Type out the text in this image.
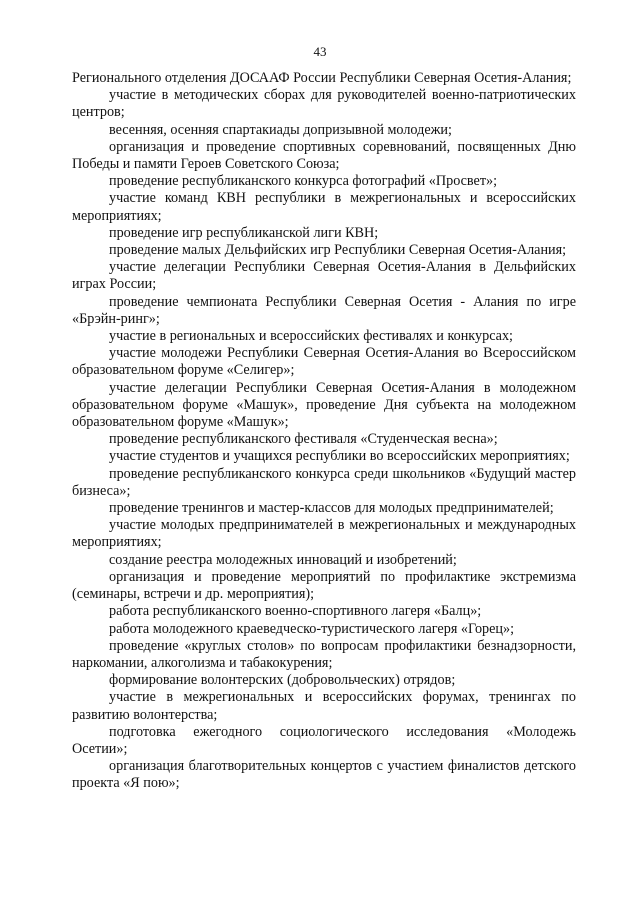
43

Регионального отделения ДОСААФ России Республики Северная Осетия-Алания;

участие в методических сборах для руководителей военно-патриотических центров;

весенняя, осенняя спартакиады допризывной молодежи;

организация и проведение спортивных соревнований, посвященных Дню Победы и памяти Героев Советского Союза;

проведение республиканского конкурса фотографий «Просвет»;

участие команд КВН республики в межрегиональных и всероссийских мероприятиях;

проведение игр республиканской лиги КВН;

проведение малых Дельфийских игр Республики Северная Осетия-Алания;

участие делегации Республики Северная Осетия-Алания в Дельфийских играх России;

проведение чемпионата Республики Северная Осетия - Алания по игре «Брэйн-ринг»;

участие в региональных и всероссийских фестивалях и конкурсах;

участие молодежи Республики Северная Осетия-Алания во Всероссийском образовательном форуме «Селигер»;

участие делегации Республики Северная Осетия-Алания в молодежном образовательном форуме «Машук», проведение Дня субъекта на молодежном образовательном форуме «Машук»;

проведение республиканского фестиваля «Студенческая весна»;

участие студентов и учащихся республики во всероссийских мероприятиях;

проведение республиканского конкурса среди школьников «Будущий мастер бизнеса»;

проведение тренингов и мастер-классов для молодых предпринимателей;

участие молодых предпринимателей в межрегиональных и международных мероприятиях;

создание реестра молодежных инноваций и изобретений;

организация и проведение мероприятий по профилактике экстремизма (семинары, встречи и др. мероприятия);

работа республиканского военно-спортивного лагеря «Балц»;

работа молодежного краеведческо-туристического лагеря «Горец»;

проведение «круглых столов» по вопросам профилактики безнадзорности, наркомании, алкоголизма и табакокурения;

формирование волонтерских (добровольческих) отрядов;

участие в межрегиональных и всероссийских форумах, тренингах по развитию волонтерства;

подготовка ежегодного социологического исследования «Молодежь Осетии»;

организация благотворительных концертов с участием финалистов детского проекта «Я пою»;
